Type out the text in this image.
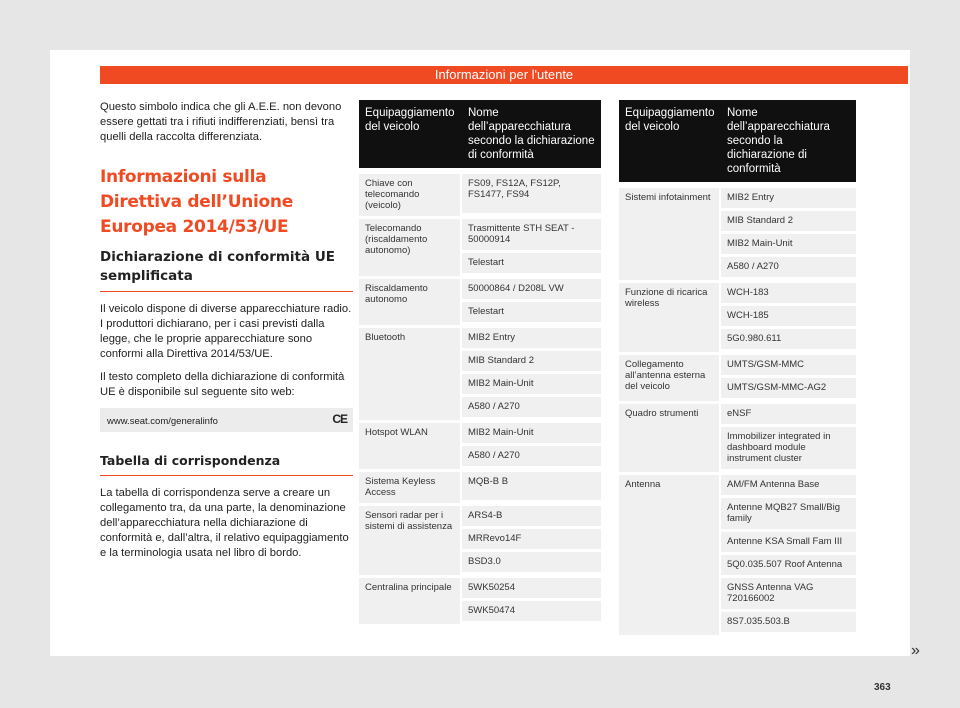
Informazioni per l'utente

Questo simbolo indica che gli A.E.E. non devono essere gettati tra i rifiuti indifferenziati, bensì tra quelli della raccolta differenziata.

Informazioni sulla Direttiva dell’Unione Europea 2014/53/UE
Dichiarazione di conformità UE semplificata

Il veicolo dispone di diverse apparecchiature radio. I produttori dichiarano, per i casi previsti dalla legge, che le proprie apparecchiature sono conformi alla Direttiva 2014/53/UE.

Il testo completo della dichiarazione di conformità UE è disponibile sul seguente sito web:

www.seat.com/generalinfo	CE
Tabella di corrispondenza

La tabella di corrispondenza serve a creare un collegamento tra, da una parte, la denominazione dell’apparecchiatura nella dichiarazione di conformità e, dall’altra, il relativo equipaggiamento e la terminologia usata nel libro di bordo.

Equipaggiamento del veicolo	Nome dell’apparecchiatura secondo la dichiarazione di conformità
Chiave con telecomando (veicolo)	FS09, FS12A, FS12P, FS1477, FS94
Telecomando (riscaldamento autonomo)	Trasmittente STH SEAT - 50000914
	Telestart
Riscaldamento autonomo	50000864 / D208L VW
	Telestart
Bluetooth	MIB2 Entry
	MIB Standard 2
	MIB2 Main-Unit
	A580 / A270
Hotspot WLAN	MIB2 Main-Unit
	A580 / A270
Sistema Keyless Access	MQB-B B
Sensori radar per i sistemi di assistenza	ARS4-B
	MRRevo14F
	BSD3.0
Centralina principale	5WK50254
	5WK50474
Equipaggiamento del veicolo	Nome dell’apparecchiatura secondo la dichiarazione di conformità
Sistemi infotainment	MIB2 Entry
	MIB Standard 2
	MIB2 Main-Unit
	A580 / A270
Funzione di ricarica wireless	WCH-183
	WCH-185
	5G0.980.611
Collegamento all’antenna esterna del veicolo	UMTS/GSM-MMC
	UMTS/GSM-MMC-AG2
Quadro strumenti	eNSF
	Immobilizer integrated in dashboard module instrument cluster
Antenna	AM/FM Antenna Base
	Antenne MQB27 Small/Big family
	Antenne KSA Small Fam III
	5Q0.035.507 Roof Antenna
	GNSS Antenna VAG 720166002
	8S7.035.503.B
»
363
